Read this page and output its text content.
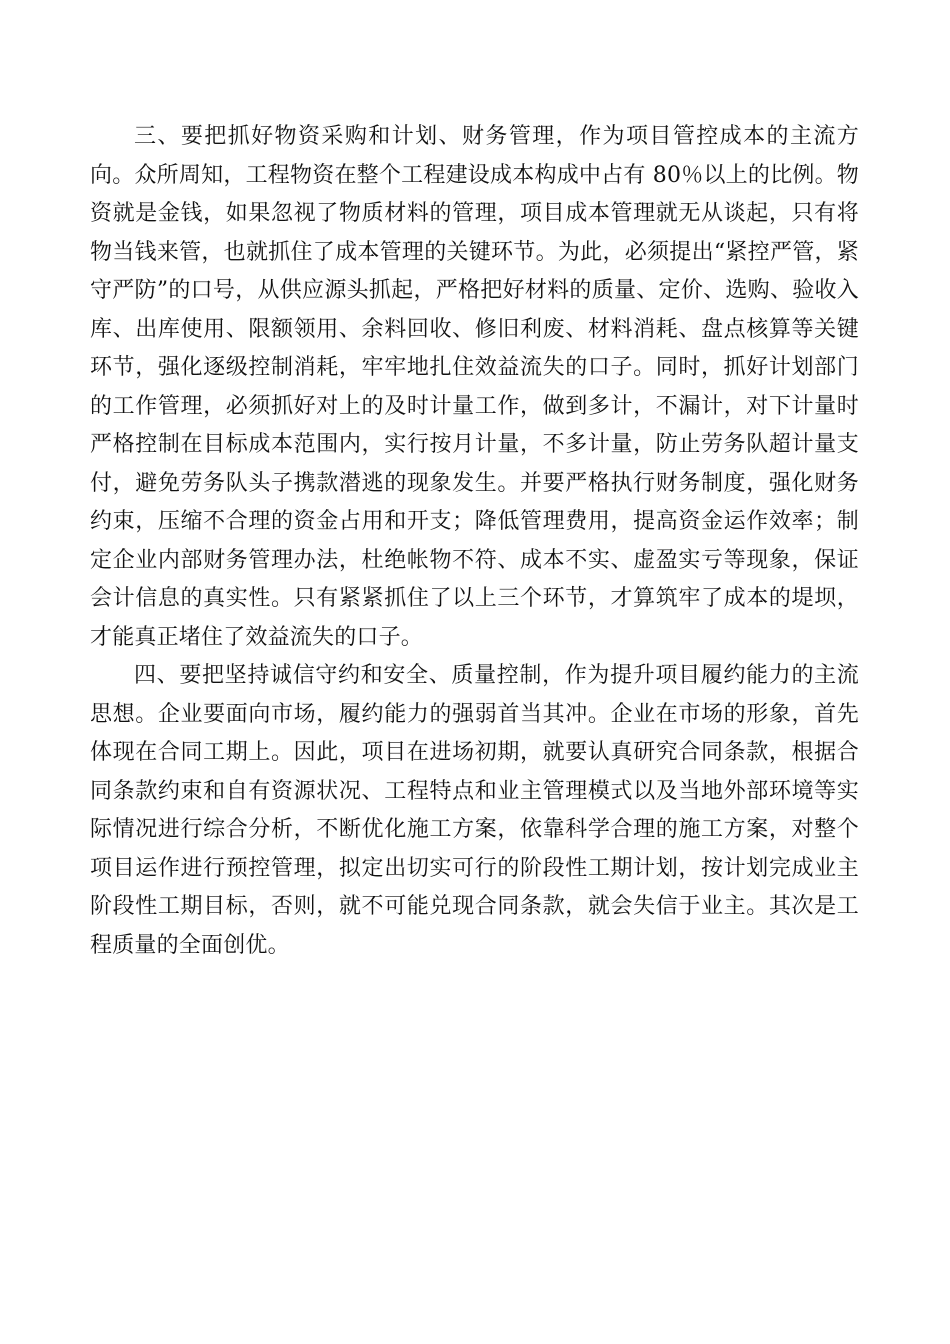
三、要把抓好物资采购和计划、财务管理，作为项目管控成本的主流方向。众所周知，工程物资在整个工程建设成本构成中占有 80％以上的比例。物资就是金钱，如果忽视了物质材料的管理，项目成本管理就无从谈起，只有将物当钱来管，也就抓住了成本管理的关键环节。为此，必须提出“紧控严管，紧守严防”的口号，从供应源头抓起，严格把好材料的质量、定价、选购、验收入库、出库使用、限额领用、余料回收、修旧利废、材料消耗、盘点核算等关键环节，强化逐级控制消耗，牢牢地扎住效益流失的口子。同时，抓好计划部门的工作管理，必须抓好对上的及时计量工作，做到多计，不漏计，对下计量时严格控制在目标成本范围内，实行按月计量，不多计量，防止劳务队超计量支付，避免劳务队头子携款潜逃的现象发生。并要严格执行财务制度，强化财务约束，压缩不合理的资金占用和开支；降低管理费用，提高资金运作效率；制定企业内部财务管理办法，杜绝帐物不符、成本不实、虚盈实亏等现象，保证会计信息的真实性。只有紧紧抓住了以上三个环节，才算筑牢了成本的堤坝，才能真正堵住了效益流失的口子。

四、要把坚持诚信守约和安全、质量控制，作为提升项目履约能力的主流思想。企业要面向市场，履约能力的强弱首当其冲。企业在市场的形象，首先体现在合同工期上。因此，项目在进场初期，就要认真研究合同条款，根据合同条款约束和自有资源状况、工程特点和业主管理模式以及当地外部环境等实际情况进行综合分析，不断优化施工方案，依靠科学合理的施工方案，对整个项目运作进行预控管理，拟定出切实可行的阶段性工期计划，按计划完成业主阶段性工期目标，否则，就不可能兑现合同条款，就会失信于业主。其次是工程质量的全面创优。
